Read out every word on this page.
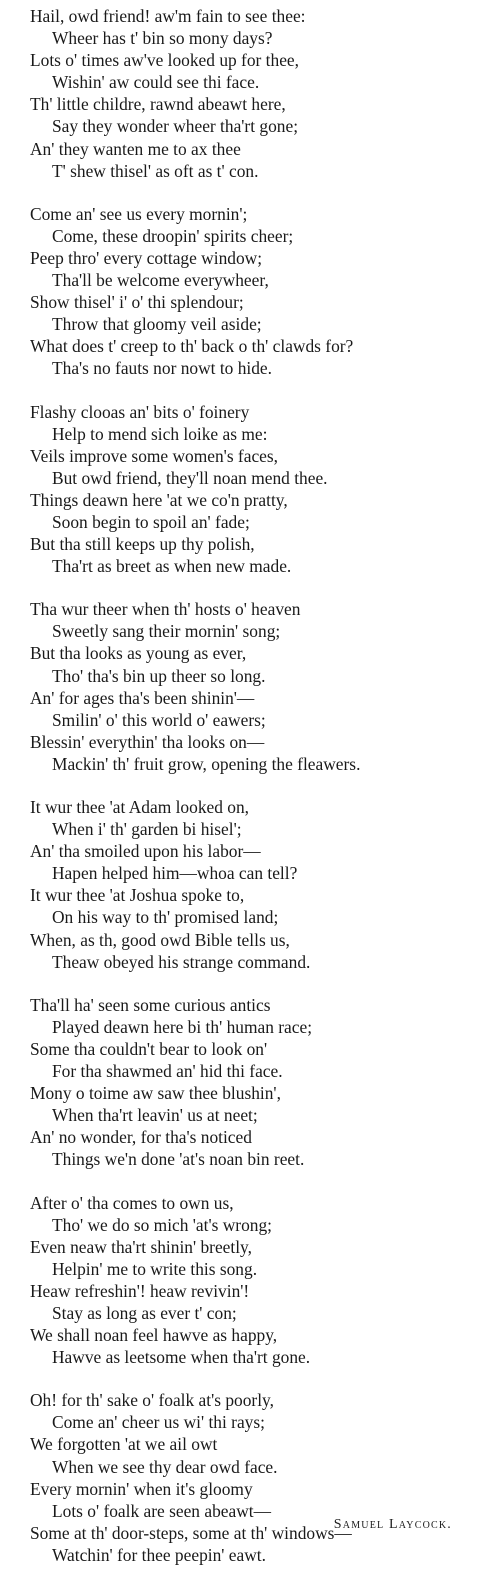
Hail, owd friend! aw'm fain to see thee:
Wheer has t' bin so mony days?
Lots o' times aw've looked up for thee,
Wishin' aw could see thi face.
Th' little childre, rawnd abeawt here,
Say they wonder wheer tha'rt gone;
An' they wanten me to ax thee
T' shew thisel' as oft as t' con.
Come an' see us every mornin';
Come, these droopin' spirits cheer;
Peep thro' every cottage window;
Tha'll be welcome everywheer,
Show thisel' i' o' thi splendour;
Throw that gloomy veil aside;
What does t' creep to th' back o th' clawds for?
Tha's no fauts nor nowt to hide.
Flashy clooas an' bits o' foinery
Help to mend sich loike as me:
Veils improve some women's faces,
But owd friend, they'll noan mend thee.
Things deawn here 'at we co'n pratty,
Soon begin to spoil an' fade;
But tha still keeps up thy polish,
Tha'rt as breet as when new made.
Tha wur theer when th' hosts o' heaven
Sweetly sang their mornin' song;
But tha looks as young as ever,
Tho' tha's bin up theer so long.
An' for ages tha's been shinin'—
Smilin' o' this world o' eawers;
Blessin' everythin' tha looks on—
Mackin' th' fruit grow, opening the fleawers.
It wur thee 'at Adam looked on,
When i' th' garden bi hisel';
An' tha smoiled upon his labor—
Hapen helped him—whoa can tell?
It wur thee 'at Joshua spoke to,
On his way to th' promised land;
When, as th, good owd Bible tells us,
Theaw obeyed his strange command.
Tha'll ha' seen some curious antics
Played deawn here bi th' human race;
Some tha couldn't bear to look on'
For tha shawmed an' hid thi face.
Mony o toime aw saw thee blushin',
When tha'rt leavin' us at neet;
An' no wonder, for tha's noticed
Things we'n done 'at's noan bin reet.
After o' tha comes to own us,
Tho' we do so mich 'at's wrong;
Even neaw tha'rt shinin' breetly,
Helpin' me to write this song.
Heaw refreshin'! heaw revivin'!
Stay as long as ever t' con;
We shall noan feel hawve as happy,
Hawve as leetsome when tha'rt gone.
Oh! for th' sake o' foalk at's poorly,
Come an' cheer us wi' thi rays;
We forgotten 'at we ail owt
When we see thy dear owd face.
Every mornin' when it's gloomy
Lots o' foalk are seen abeawt—
Some at th' door-steps, some at th' windows—
Watchin' for thee peepin' eawt.
Samuel Laycock.
